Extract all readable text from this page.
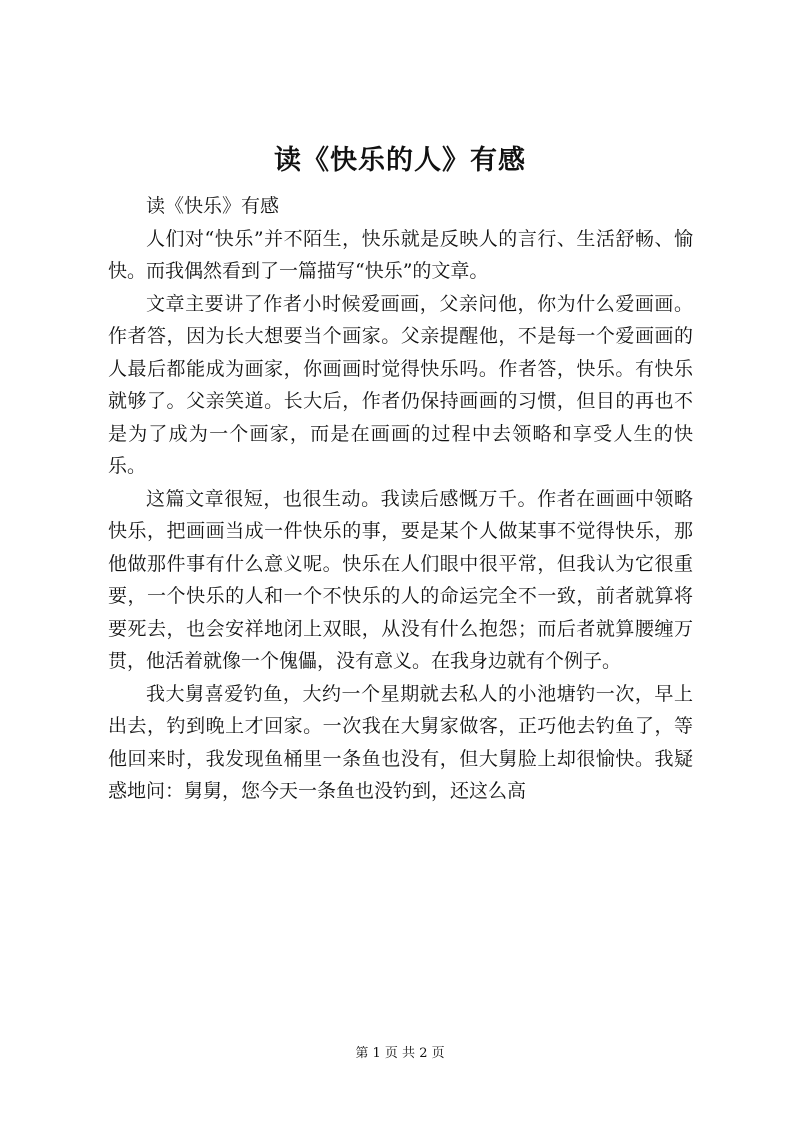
读《快乐的人》有感

读《快乐》有感

人们对“快乐”并不陌生，快乐就是反映人的言行、生活舒畅、愉快。而我偶然看到了一篇描写“快乐”的文章。

文章主要讲了作者小时候爱画画，父亲问他，你为什么爱画画。作者答，因为长大想要当个画家。父亲提醒他，不是每一个爱画画的人最后都能成为画家，你画画时觉得快乐吗。作者答，快乐。有快乐就够了。父亲笑道。长大后，作者仍保持画画的习惯，但目的再也不是为了成为一个画家，而是在画画的过程中去领略和享受人生的快乐。

这篇文章很短，也很生动。我读后感慨万千。作者在画画中领略快乐，把画画当成一件快乐的事，要是某个人做某事不觉得快乐，那他做那件事有什么意义呢。快乐在人们眼中很平常，但我认为它很重要，一个快乐的人和一个不快乐的人的命运完全不一致，前者就算将要死去，也会安祥地闭上双眼，从没有什么抱怨；而后者就算腰缠万贯，他活着就像一个傀儡，没有意义。在我身边就有个例子。

我大舅喜爱钓鱼，大约一个星期就去私人的小池塘钓一次，早上出去，钓到晚上才回家。一次我在大舅家做客，正巧他去钓鱼了，等他回来时，我发现鱼桶里一条鱼也没有，但大舅脸上却很愉快。我疑惑地问：舅舅，您今天一条鱼也没钓到，还这么高

第 1 页 共 2 页
